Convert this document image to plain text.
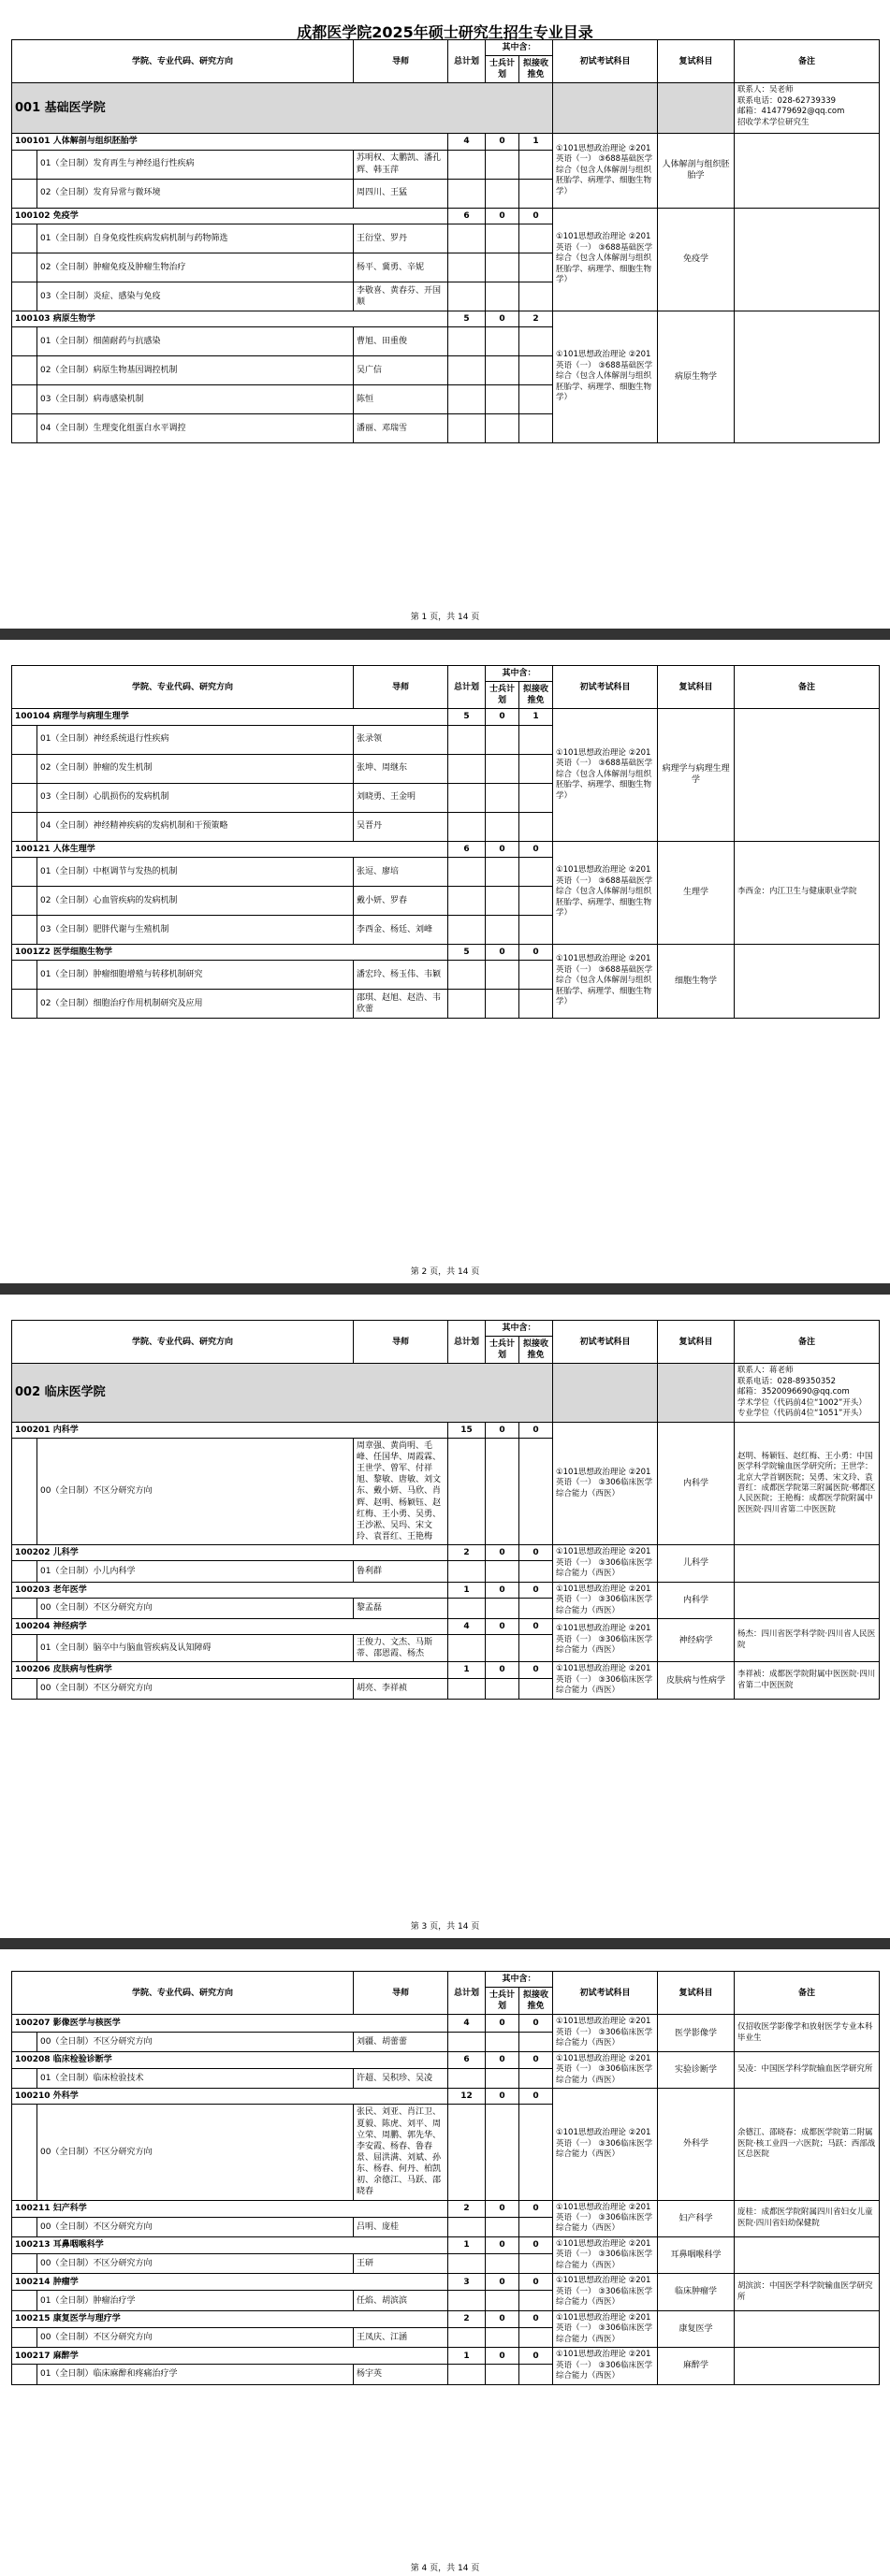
成都医学院2025年硕士研究生招生专业目录
学院、专业代码、研究方向		导师	总计划	其中含：		初试考试科目	复试科目	备注
				士兵计划	拟接收推免			
001 基础医学院								联系人：吴老师
联系电话：028-62739339
邮箱：414779692@qq.com
招收学术学位研究生

100101 人体解剖与组织胚胎学			4	0	1	①101思想政治理论 ②201英语（一） ③688基础医学综合（包含人体解剖与组织胚胎学、病理学、细胞生物学）	人体解剖与组织胚胎学	
	01（全日制）发育再生与神经退行性疾病	苏明权、太鹏凯、潘孔辉、韩玉萍						
	02（全日制）发育异常与微环境	周四川、王猛						
100102 免疫学			6	0	0	①101思想政治理论 ②201英语（一） ③688基础医学综合（包含人体解剖与组织胚胎学、病理学、细胞生物学）	免疫学	
	01（全日制）自身免疫性疾病发病机制与药物筛选	王衍堂、罗丹						
	02（全日制）肿瘤免疫及肿瘤生物治疗	杨平、冀勇、辛妮						
	03（全日制）炎症、感染与免疫	李敬喜、黄春芬、开国顺						
100103 病原生物学			5	0	2	①101思想政治理论 ②201英语（一） ③688基础医学综合（包含人体解剖与组织胚胎学、病理学、细胞生物学）	病原生物学	
	01（全日制）细菌耐药与抗感染	曹旭、田重俊						
	02（全日制）病原生物基因调控机制	吴广信						
	03（全日制）病毒感染机制	陈恒						
	04（全日制）生理变化组蛋白水平调控	潘丽、邓瑞雪						
第 1 页，共 14 页
学院、专业代码、研究方向		导师	总计划	其中含：		初试考试科目	复试科目	备注
				士兵计划	拟接收推免			
100104 病理学与病理生理学			5	0	1	①101思想政治理论 ②201英语（一） ③688基础医学综合（包含人体解剖与组织胚胎学、病理学、细胞生物学）	病理学与病理生理学	
	01（全日制）神经系统退行性疾病	张录领						
	02（全日制）肿瘤的发生机制	张坤、周继东						
	03（全日制）心肌损伤的发病机制	刘晓勇、王金明						
	04（全日制）神经精神疾病的发病机制和干预策略	吴晋丹						
100121 人体生理学			6	0	0	①101思想政治理论 ②201英语（一） ③688基础医学综合（包含人体解剖与组织胚胎学、病理学、细胞生物学）	生理学	李西金：内江卫生与健康职业学院
	01（全日制）中枢调节与发热的机制	张逗、廖培						
	02（全日制）心血管疾病的发病机制	戴小妍、罗春						
	03（全日制）肥胖代谢与生殖机制	李西金、杨廷、刘峰						
1001Z2 医学细胞生物学			5	0	0	①101思想政治理论 ②201英语（一） ③688基础医学综合（包含人体解剖与组织胚胎学、病理学、细胞生物学）	细胞生物学	
	01（全日制）肿瘤细胞增殖与转移机制研究	潘宏玲、杨玉伟、韦颖						
	02（全日制）细胞治疗作用机制研究及应用	邵琪、赵旭、赵浩、韦欣蕾						
第 2 页，共 14 页
学院、专业代码、研究方向		导师	总计划	其中含：		初试考试科目	复试科目	备注
				士兵计划	拟接收推免			
002 临床医学院								联系人：蒋老师
联系电话：028-89350352
邮箱：3520096690@qq.com
学术学位（代码前4位“1002”开头）
专业学位（代码前4位“1051”开头）

100201 内科学			15	0	0	①101思想政治理论 ②201英语（一） ③306临床医学综合能力（西医）	内科学	赵明、杨颖钰、赵红梅、王小勇：中国医学科学院输血医学研究所；王世学：北京大学首钢医院；吴勇、宋文玲、袁晋红：成都医学院第三附属医院·郫都区人民医院；王艳梅：成都医学院附属中医医院·四川省第二中医医院
	00（全日制）不区分研究方向	周章强、黄尚明、毛峰、任国华、周霞霖、王世学、曾军、付祥旭、黎敏、唐敏、刘文东、戴小妍、马欣、肖辉、赵明、杨颖钰、赵红梅、王小勇、吴勇、王沙凇、吴玛、宋文玲、袁晋红、王艳梅						
100202 儿科学			2	0	0	①101思想政治理论 ②201英语（一） ③306临床医学综合能力（西医）	儿科学	
	01（全日制）小儿内科学	鲁利群						
100203 老年医学			1	0	0	①101思想政治理论 ②201英语（一） ③306临床医学综合能力（西医）	内科学	
	00（全日制）不区分研究方向	黎孟磊						
100204 神经病学			4	0	0	①101思想政治理论 ②201英语（一） ③306临床医学综合能力（西医）	神经病学	杨杰：四川省医学科学院·四川省人民医院
	01（全日制）脑卒中与脑血管疾病及认知障碍	王俊力、文杰、马斯蒂、邵恩霞、杨杰						
100206 皮肤病与性病学			1	0	0	①101思想政治理论 ②201英语（一） ③306临床医学综合能力（西医）	皮肤病与性病学	李祥祯：成都医学院附属中医医院·四川省第二中医医院
	00（全日制）不区分研究方向	胡亮、李祥祯						
第 3 页，共 14 页
学院、专业代码、研究方向		导师	总计划	其中含：		初试考试科目	复试科目	备注
				士兵计划	拟接收推免			
100207 影像医学与核医学			4	0	0	①101思想政治理论 ②201英语（一） ③306临床医学综合能力（西医）	医学影像学	仅招收医学影像学和放射医学专业本科毕业生
	00（全日制）不区分研究方向	刘疆、胡蕾蕾						
100208 临床检验诊断学			6	0	0	①101思想政治理论 ②201英语（一） ③306临床医学综合能力（西医）	实验诊断学	吴凌：中国医学科学院输血医学研究所
	01（全日制）临床检验技术	许超、吴积珍、吴凌						
100210 外科学			12	0	0	①101思想政治理论 ②201英语（一） ③306临床医学综合能力（西医）	外科学	余德江、邵晓春：成都医学院第二附属医院·核工业四一六医院；马跃：西部战区总医院
	00（全日制）不区分研究方向	张民、刘亚、肖江卫、夏毅、陈虎、刘平、周立荣、周鹏、郭先华、李安霞、杨春、鲁春景、屈洪满、刘斌、孙东、杨春、何丹、柏凯初、余德江、马跃、邵晓春						
100211 妇产科学			2	0	0	①101思想政治理论 ②201英语（一） ③306临床医学综合能力（西医）	妇产科学	庞桂：成都医学院附属四川省妇女儿童医院·四川省妇幼保健院
	00（全日制）不区分研究方向	吕明、庞桂						
100213 耳鼻咽喉科学			1	0	0	①101思想政治理论 ②201英语（一） ③306临床医学综合能力（西医）	耳鼻咽喉科学	
	00（全日制）不区分研究方向	王研						
100214 肿瘤学			3	0	0	①101思想政治理论 ②201英语（一） ③306临床医学综合能力（西医）	临床肿瘤学	胡滨滨：中国医学科学院输血医学研究所
	01（全日制）肿瘤治疗学	任焰、胡滨滨						
100215 康复医学与理疗学			2	0	0	①101思想政治理论 ②201英语（一） ③306临床医学综合能力（西医）	康复医学	
	00（全日制）不区分研究方向	王凤庆、江涵						
100217 麻醉学			1	0	0	①101思想政治理论 ②201英语（一） ③306临床医学综合能力（西医）	麻醉学	
	01（全日制）临床麻醉和疼痛治疗学	杨宇英						
第 4 页，共 14 页
